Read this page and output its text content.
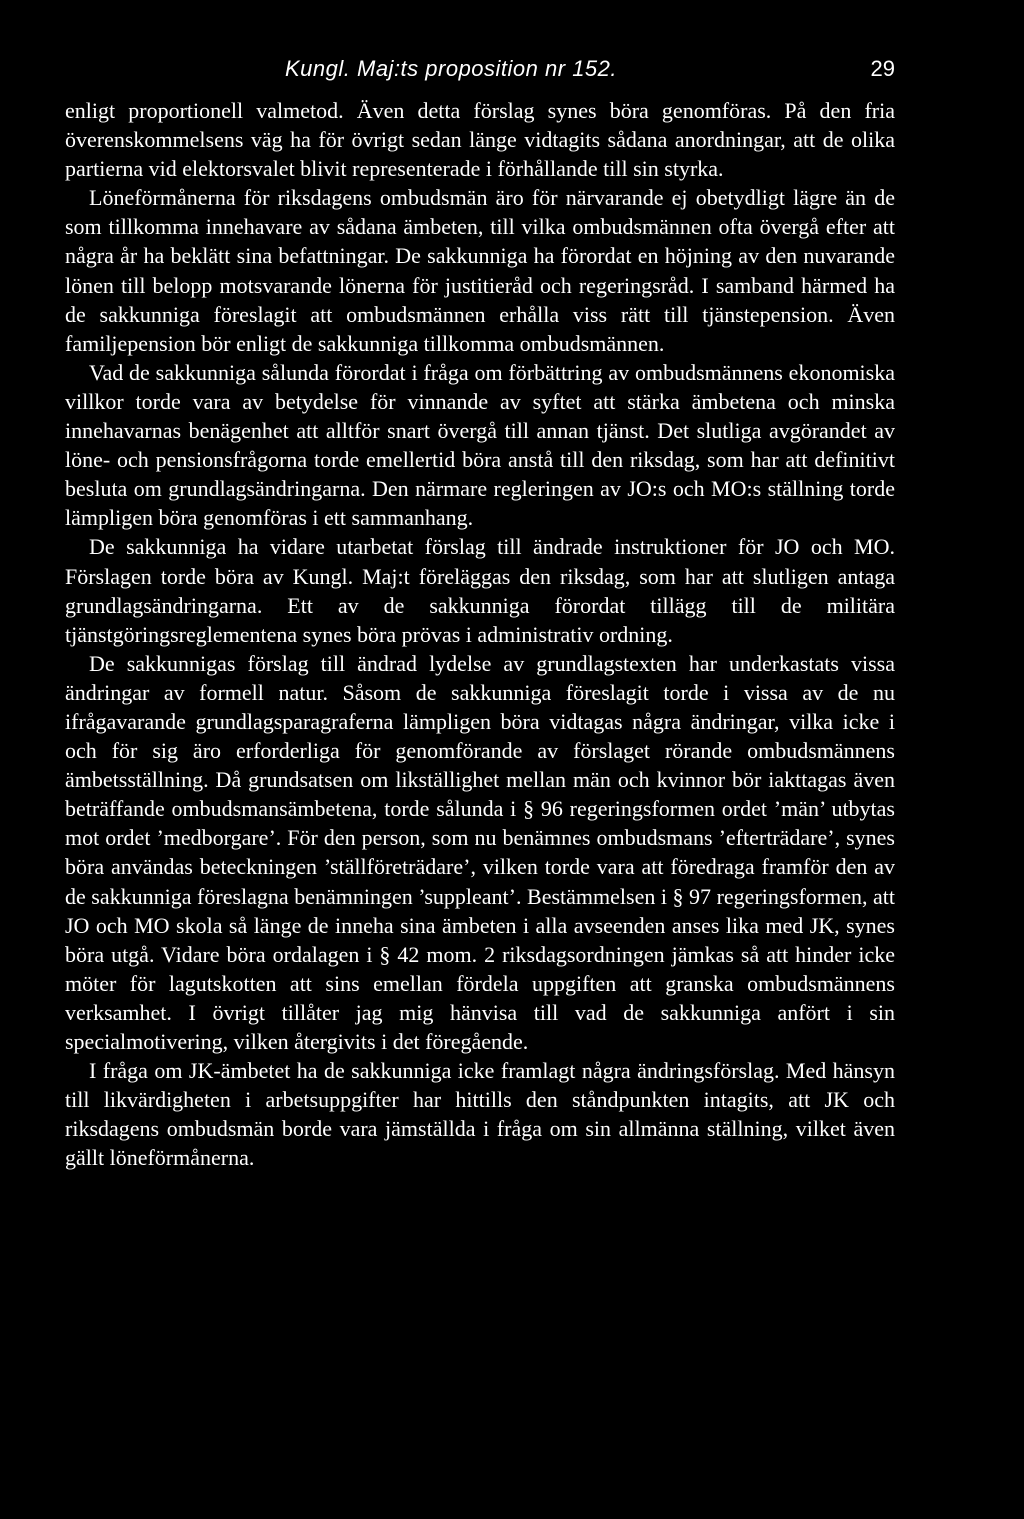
Kungl. Maj:ts proposition nr 152.	29

enligt proportionell valmetod. Även detta förslag synes böra genomföras. På den fria överenskommelsens väg ha för övrigt sedan länge vidtagits sådana anordningar, att de olika partierna vid elektorsvalet blivit representerade i förhållande till sin styrka.

Löneförmånerna för riksdagens ombudsmän äro för närvarande ej obetydligt lägre än de som tillkomma innehavare av sådana ämbeten, till vilka ombudsmännen ofta övergå efter att några år ha beklätt sina befattningar. De sakkunniga ha förordat en höjning av den nuvarande lönen till belopp motsvarande lönerna för justitieråd och regeringsråd. I samband härmed ha de sakkunniga föreslagit att ombudsmännen erhålla viss rätt till tjänstepension. Även familjepension bör enligt de sakkunniga tillkomma ombudsmännen.

Vad de sakkunniga sålunda förordat i fråga om förbättring av ombudsmännens ekonomiska villkor torde vara av betydelse för vinnande av syftet att stärka ämbetena och minska innehavarnas benägenhet att alltför snart övergå till annan tjänst. Det slutliga avgörandet av löne- och pensionsfrågorna torde emellertid böra anstå till den riksdag, som har att definitivt besluta om grundlagsändringarna. Den närmare regleringen av JO:s och MO:s ställning torde lämpligen böra genomföras i ett sammanhang.

De sakkunniga ha vidare utarbetat förslag till ändrade instruktioner för JO och MO. Förslagen torde böra av Kungl. Maj:t föreläggas den riksdag, som har att slutligen antaga grundlagsändringarna. Ett av de sakkunniga förordat tillägg till de militära tjänstgöringsreglementena synes böra prövas i administrativ ordning.

De sakkunnigas förslag till ändrad lydelse av grundlagstexten har underkastats vissa ändringar av formell natur. Såsom de sakkunniga föreslagit torde i vissa av de nu ifrågavarande grundlagsparagraferna lämpligen böra vidtagas några ändringar, vilka icke i och för sig äro erforderliga för genomförande av förslaget rörande ombudsmännens ämbetsställning. Då grundsatsen om likställighet mellan män och kvinnor bör iakttagas även beträffande ombudsmansämbetena, torde sålunda i § 96 regeringsformen ordet ’män’ utbytas mot ordet ’medborgare’. För den person, som nu benämnes ombudsmans ’efterträdare’, synes böra användas beteckningen ’ställföreträdare’, vilken torde vara att föredraga framför den av de sakkunniga föreslagna benämningen ’suppleant’. Bestämmelsen i § 97 regeringsformen, att JO och MO skola så länge de inneha sina ämbeten i alla avseenden anses lika med JK, synes böra utgå. Vidare böra ordalagen i § 42 mom. 2 riksdagsordningen jämkas så att hinder icke möter för lagutskotten att sins emellan fördela uppgiften att granska ombudsmännens verksamhet. I övrigt tillåter jag mig hänvisa till vad de sakkunniga anfört i sin specialmotivering, vilken återgivits i det föregående.

I fråga om JK-ämbetet ha de sakkunniga icke framlagt några ändringsförslag. Med hänsyn till likvärdigheten i arbetsuppgifter har hittills den ståndpunkten intagits, att JK och riksdagens ombudsmän borde vara jämställda i fråga om sin allmänna ställning, vilket även gällt löneförmånerna.
